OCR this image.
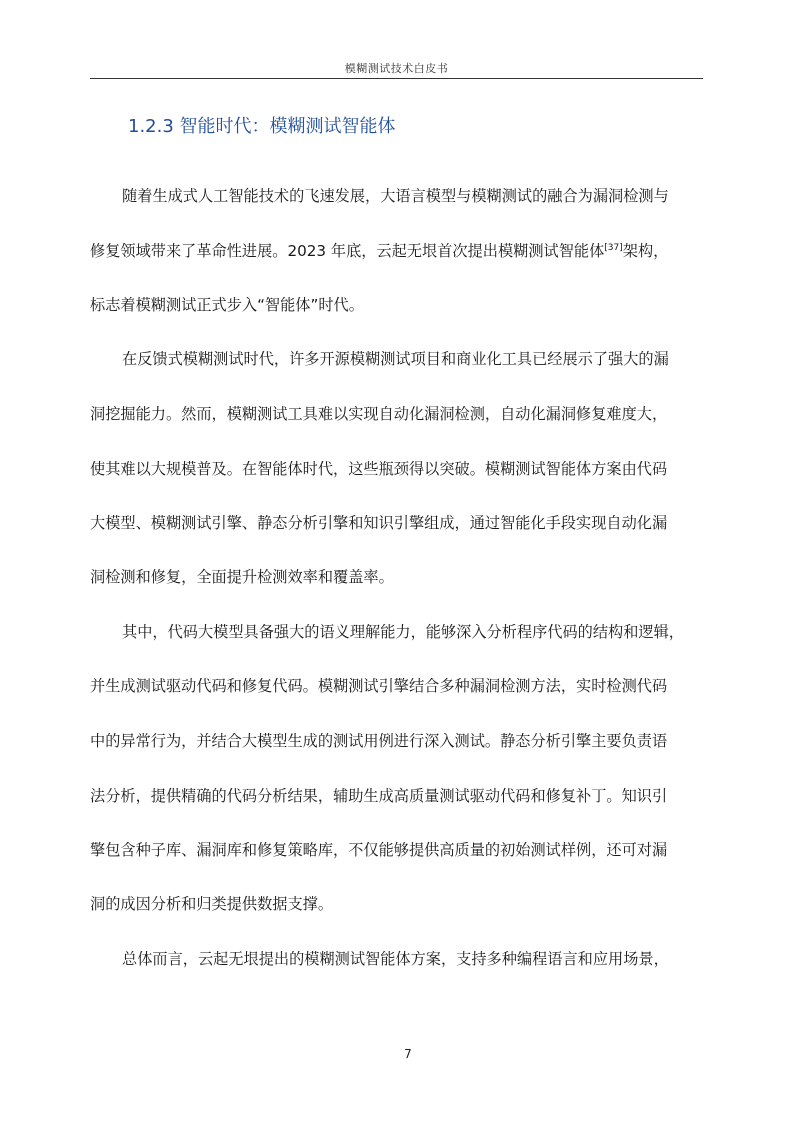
模糊测试技术白皮书
1.2.3 智能时代：模糊测试智能体
随着生成式人工智能技术的飞速发展，大语言模型与模糊测试的融合为漏洞检测与
修复领域带来了革命性进展。2023 年底，云起无垠首次提出模糊测试智能体[37]架构，
标志着模糊测试正式步入“智能体”时代。
在反馈式模糊测试时代，许多开源模糊测试项目和商业化工具已经展示了强大的漏
洞挖掘能力。然而，模糊测试工具难以实现自动化漏洞检测，自动化漏洞修复难度大，
使其难以大规模普及。在智能体时代，这些瓶颈得以突破。模糊测试智能体方案由代码
大模型、模糊测试引擎、静态分析引擎和知识引擎组成，通过智能化手段实现自动化漏
洞检测和修复，全面提升检测效率和覆盖率。
其中，代码大模型具备强大的语义理解能力，能够深入分析程序代码的结构和逻辑，
并生成测试驱动代码和修复代码。模糊测试引擎结合多种漏洞检测方法，实时检测代码
中的异常行为，并结合大模型生成的测试用例进行深入测试。静态分析引擎主要负责语
法分析，提供精确的代码分析结果，辅助生成高质量测试驱动代码和修复补丁。知识引
擎包含种子库、漏洞库和修复策略库，不仅能够提供高质量的初始测试样例，还可对漏
洞的成因分析和归类提供数据支撑。
总体而言，云起无垠提出的模糊测试智能体方案，支持多种编程语言和应用场景，
7
